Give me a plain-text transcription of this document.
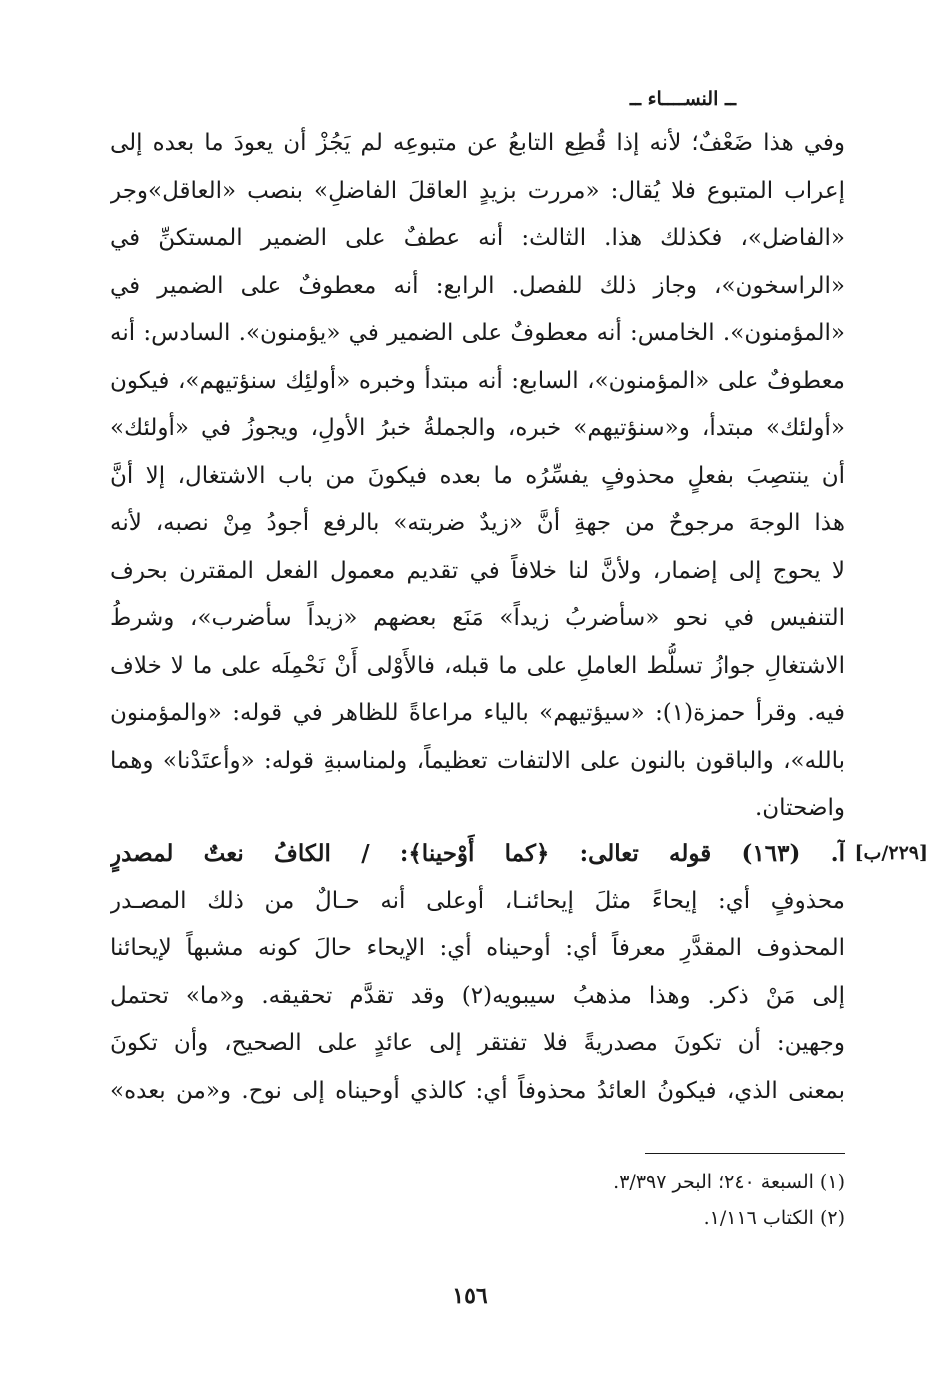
ــ النســــاء ــ
وفي هذا ضَعْفٌ؛ لأنه إذا قُطِع التابعُ عن متبوعِه لم يَجُزْ أن يعودَ ما بعده إلى
إعراب المتبوع فلا يُقال: «مررت بزيدٍ العاقلَ الفاضلِ» بنصب «العاقل»وجر
«الفاضل»، فكذلك هذا. الثالث: أنه عطفٌ على الضمير المستكنِّ في
«الراسخون»، وجاز ذلك للفصل. الرابع: أنه معطوفٌ على الضمير في
«المؤمنون». الخامس: أنه معطوفٌ على الضمير في «يؤمنون». السادس: أنه
معطوفٌ على «المؤمنون»، السابع: أنه مبتدأ وخبره «أولئِك سنؤتيهم»، فيكون
«أولئك» مبتدأ، و«سنؤتيهم» خبره، والجملةُ خبرُ الأولِ، ويجوزُ في «أولئك»
أن ينتصِبَ بفعلٍ محذوفٍ يفسِّرُه ما بعده فيكونَ من باب الاشتغال، إلا أنَّ
هذا الوجهَ مرجوحٌ من جهةِ أنَّ «زيدٌ ضربته» بالرفع أجودُ مِنْ نصبه، لأنه
لا يحوج إلى إضمار، ولأنَّ لنا خلافاً في تقديم معمول الفعل المقترن بحرف
التنفيس في نحو «سأضربُ زيداً» مَنَع بعضهم «زيداً سأضرب»، وشرطُ
الاشتغالِ جوازُ تسلُّط العاملِ على ما قبله، فالأَوْلى أَنْ نَحْمِلَه على ما لا خلاف
فيه. وقرأ حمزة(١): «سيؤتيهم» بالياء مراعاةً للظاهر في قوله: «والمؤمنون
بالله»، والباقون بالنون على الالتفات تعظيماً، ولمناسبةِ قوله: «وأعتَدْنا» وهما
واضحتان.
[٢٢٩/ب]
آ. (١٦٣) قوله تعالى: ﴿كما أَوْحينا﴾: / الكافُ نعتٌ لمصدرٍ
محذوفٍ أي: إيحاءً مثلَ إيحائنـا، أوعلى أنه حـالٌ من ذلك المصـدر
المحذوف المقدَّرِ معرفاً أي: أوحيناه أي: الإيحاء حالَ كونه مشبهاً لإيحائنا
إلى مَنْ ذكر. وهذا مذهبُ سيبويه(٢) وقد تقدَّم تحقيقه. و«ما» تحتمل
وجهين: أن تكونَ مصدريةً فلا تفتقر إلى عائدٍ على الصحيح، وأن تكونَ
بمعنى الذي، فيكونُ العائدُ محذوفاً أي: كالذي أوحيناه إلى نوح. و«من بعده»
(١) السبعة ٢٤٠؛ البحر ٣/٣٩٧.
(٢) الكتاب ١/١١٦.
١٥٦
